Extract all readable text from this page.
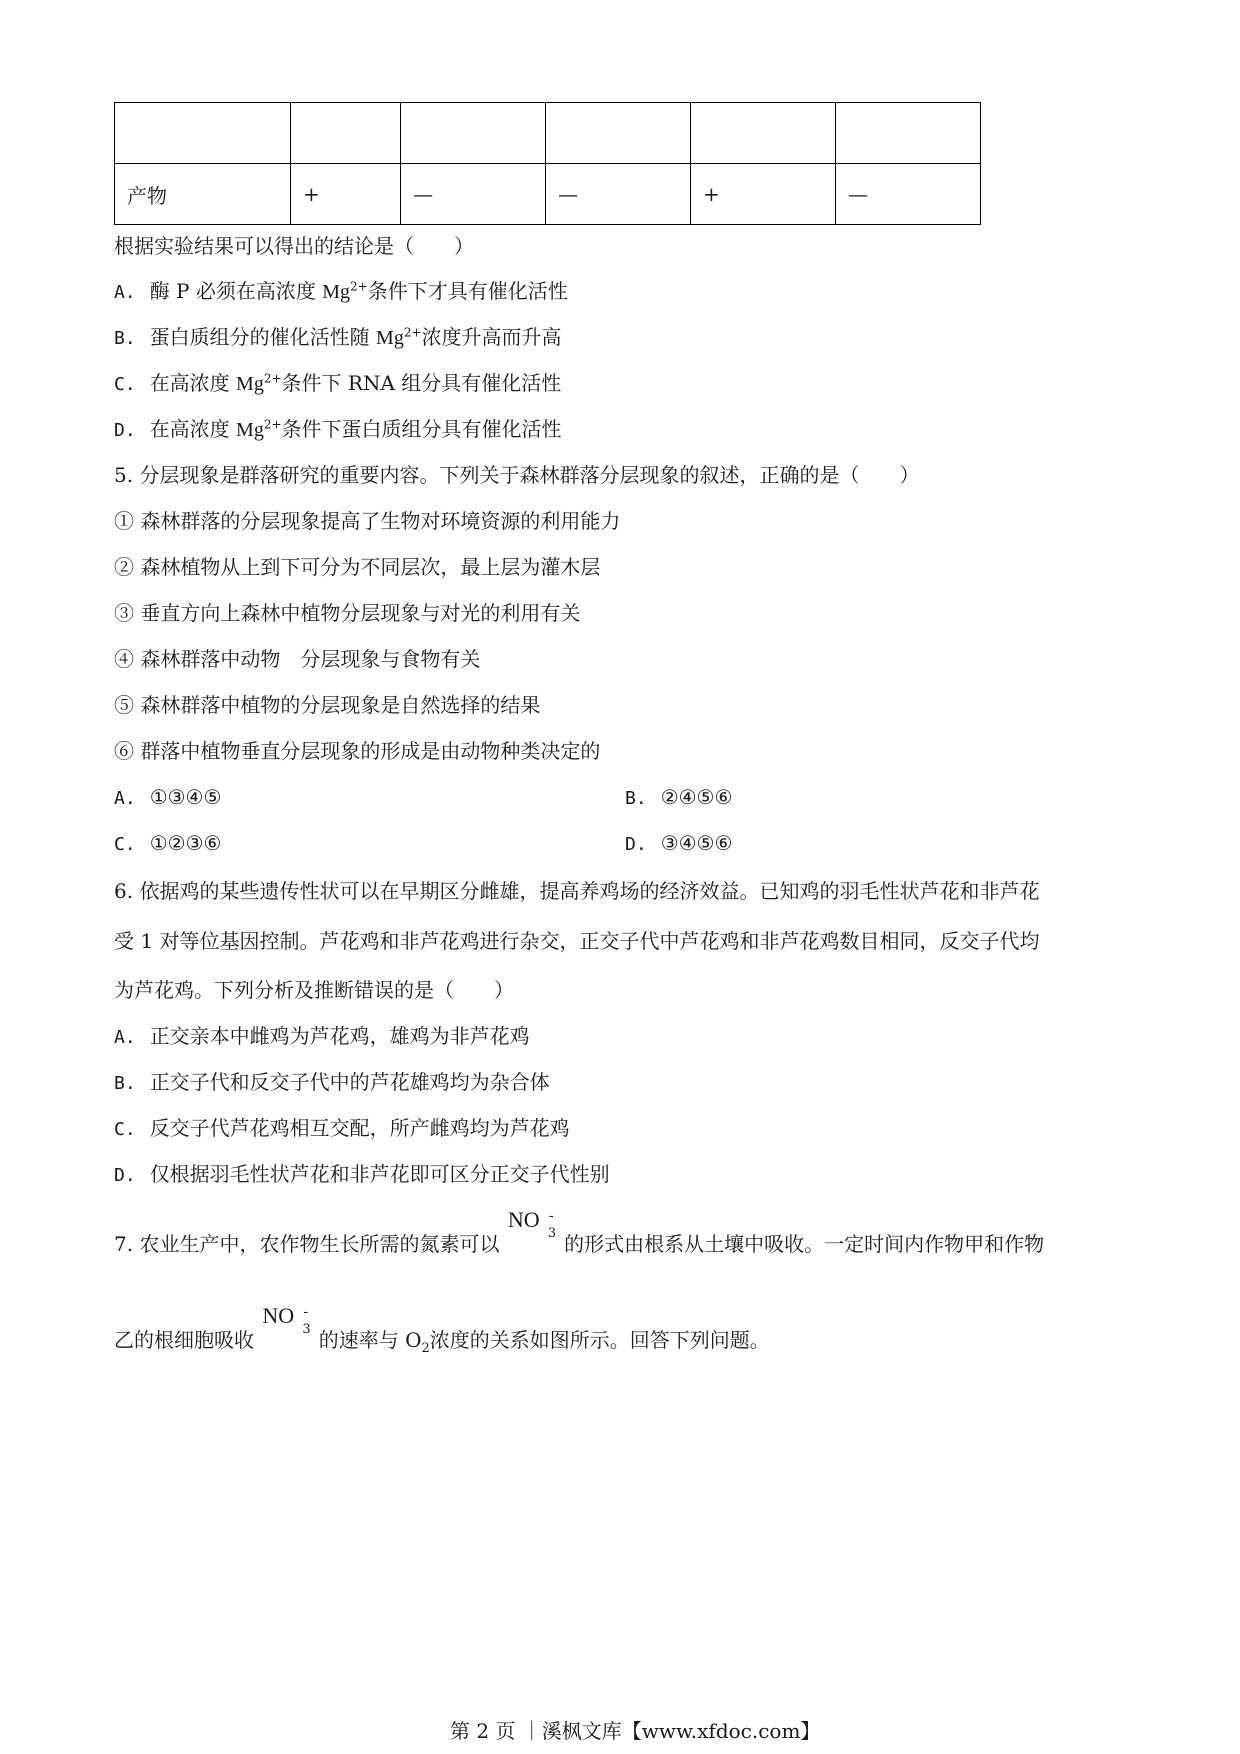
产物	+	—	—	+	—
根据实验结果可以得出的结论是（　　）
A. 酶 P 必须在高浓度 $Mg^{2+}$条件下才具有催化活性
B. 蛋白质组分的催化活性随 $Mg^{2+}$浓度升高而升高
C. 在高浓度 $Mg^{2+}$条件下 RNA 组分具有催化活性
D. 在高浓度 $Mg^{2+}$条件下蛋白质组分具有催化活性
5. 分层现象是群落研究的重要内容。下列关于森林群落分层现象的叙述，正确的是（　　）
① 森林群落的分层现象提高了生物对环境资源的利用能力
② 森林植物从上到下可分为不同层次，最上层为灌木层
③ 垂直方向上森林中植物分层现象与对光的利用有关
④ 森林群落中动物　分层现象与食物有关
⑤ 森林群落中植物的分层现象是自然选择的结果
⑥ 群落中植物垂直分层现象的形成是由动物种类决定的
A. ①③④⑤	B. ②④⑤⑥
C. ①②③⑥	D. ③④⑤⑥
6. 依据鸡的某些遗传性状可以在早期区分雌雄，提高养鸡场的经济效益。已知鸡的羽毛性状芦花和非芦花
受 1 对等位基因控制。芦花鸡和非芦花鸡进行杂交，正交子代中芦花鸡和非芦花鸡数目相同，反交子代均
为芦花鸡。下列分析及推断错误的是（　　）
A. 正交亲本中雌鸡为芦花鸡，雄鸡为非芦花鸡
B. 正交子代和反交子代中的芦花雄鸡均为杂合体
C. 反交子代芦花鸡相互交配，所产雌鸡均为芦花鸡
D. 仅根据羽毛性状芦花和非芦花即可区分正交子代性别
7. 农业生产中，农作物生长所需的氮素可以
NO -
3 的形式由根系从土壤中吸收。一定时间内作物甲和作物
乙的根细胞吸收
NO -
3 的速率与 $O_2$浓度的关系如图所示。回答下列问题。
第 2 页 ｜溪枫文库【www.xfdoc.com】
